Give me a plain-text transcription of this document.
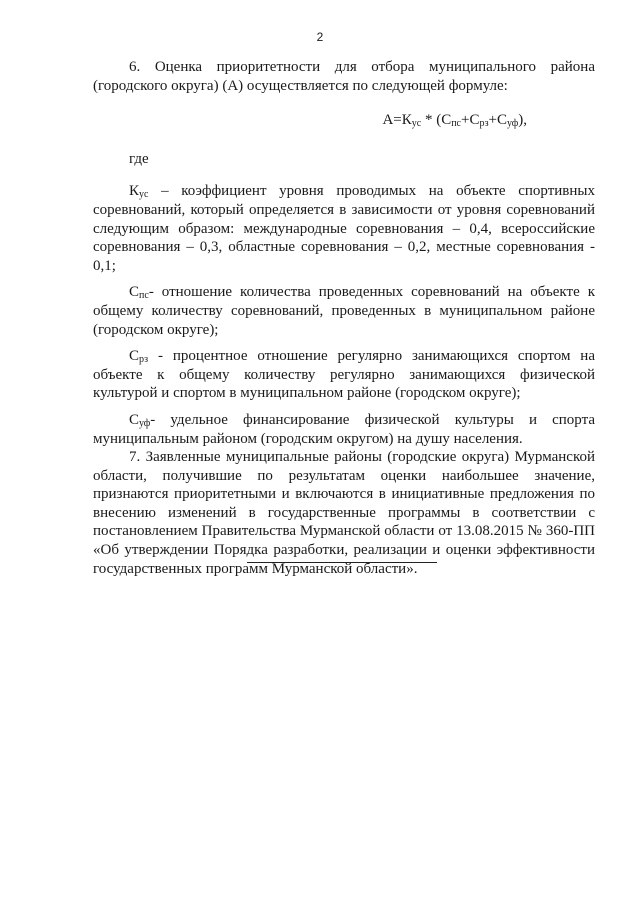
2

6. Оценка приоритетности для отбора муниципального района (городского округа) (А) осуществляется по следующей формуле:

$А=К_{ус} * (С_{пс}+С_{рз}+С_{уф})$,

где

$К_{ус}$ – коэффициент уровня проводимых на объекте спортивных соревнований, который определяется в зависимости от уровня соревнований следующим образом: международные соревнования – 0,4, всероссийские соревнования – 0,3, областные соревнования – 0,2, местные соревнования - 0,1;

$С_{пс}-$ отношение количества проведенных соревнований на объекте к общему количеству соревнований, проведенных в муниципальном районе (городском округе);

$С_{рз}$ - процентное отношение регулярно занимающихся спортом на объекте к общему количеству регулярно занимающихся физической культурой и спортом в муниципальном районе (городском округе);

$С_{уф}-$ удельное финансирование физической культуры и спорта муниципальным районом (городским округом) на душу населения.

7. Заявленные муниципальные районы (городские округа) Мурманской области, получившие по результатам оценки наибольшее значение, признаются приоритетными и включаются в инициативные предложения по внесению изменений в государственные программы в соответствии с постановлением Правительства Мурманской области от 13.08.2015 № 360-ПП «Об утверждении Порядка разработки, реализации и оценки эффективности государственных программ Мурманской области».
